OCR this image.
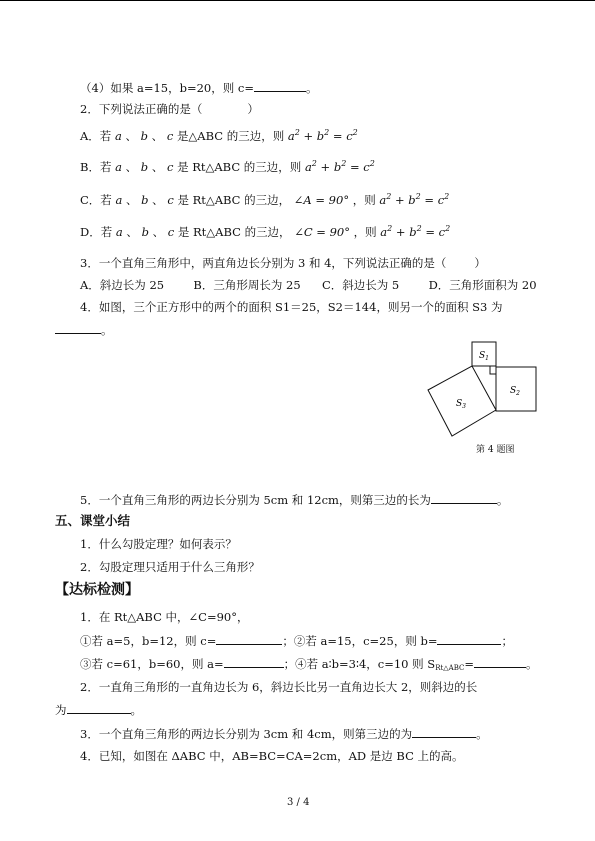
（4）如果 a=15，b=20，则 c=	。
2．下列说法正确的是（	）
A．若 a 、 b 、 c 是△ABC 的三边，则 $a^2 + b^2 = c^2$
B．若 a 、 b 、 c 是 Rt△ABC 的三边，则 $a^2 + b^2 = c^2$
C．若 a 、 b 、 c 是 Rt△ABC 的三边， ∠A = 90° ，则 $a^2 + b^2 = c^2$
D．若 a 、 b 、 c 是 Rt△ABC 的三边， ∠C = 90° ，则 $a^2 + b^2 = c^2$
3．一个直角三角形中，两直角边长分别为 3 和 4，下列说法正确的是（ ）
A．斜边长为 25	B．三角形周长为 25 C．斜边长为 5	D．三角形面积为 20
4．如图，三个正方形中的两个的面积 S1＝25，S2＝144，则另一个的面积 S3 为
。
$S_1$
$S_2$
$S_3$
第 4 题图
5．一个直角三角形的两边长分别为 5cm 和 12cm，则第三边的长为	。
五、课堂小结
1．什么勾股定理？如何表示？
2．勾股定理只适用于什么三角形？
【达标检测】
1．在 Rt△ABC 中，∠C=90°，
①若 a=5，b=12，则 c=	；②若 a=15，c=25，则 b=	；
③若 c=61，b=60，则 a=	；④若 a∶b=3∶4，c=10 则 $S_{Rt\triangle ABC}=$	。
2．一直角三角形的一直角边长为 6，斜边长比另一直角边长大 2，则斜边的长
为	。
3．一个直角三角形的两边长分别为 3cm 和 4cm，则第三边的为	。
4．已知，如图在 ΔABC 中，AB=BC=CA=2cm，AD 是边 BC 上的高。
3 / 4
